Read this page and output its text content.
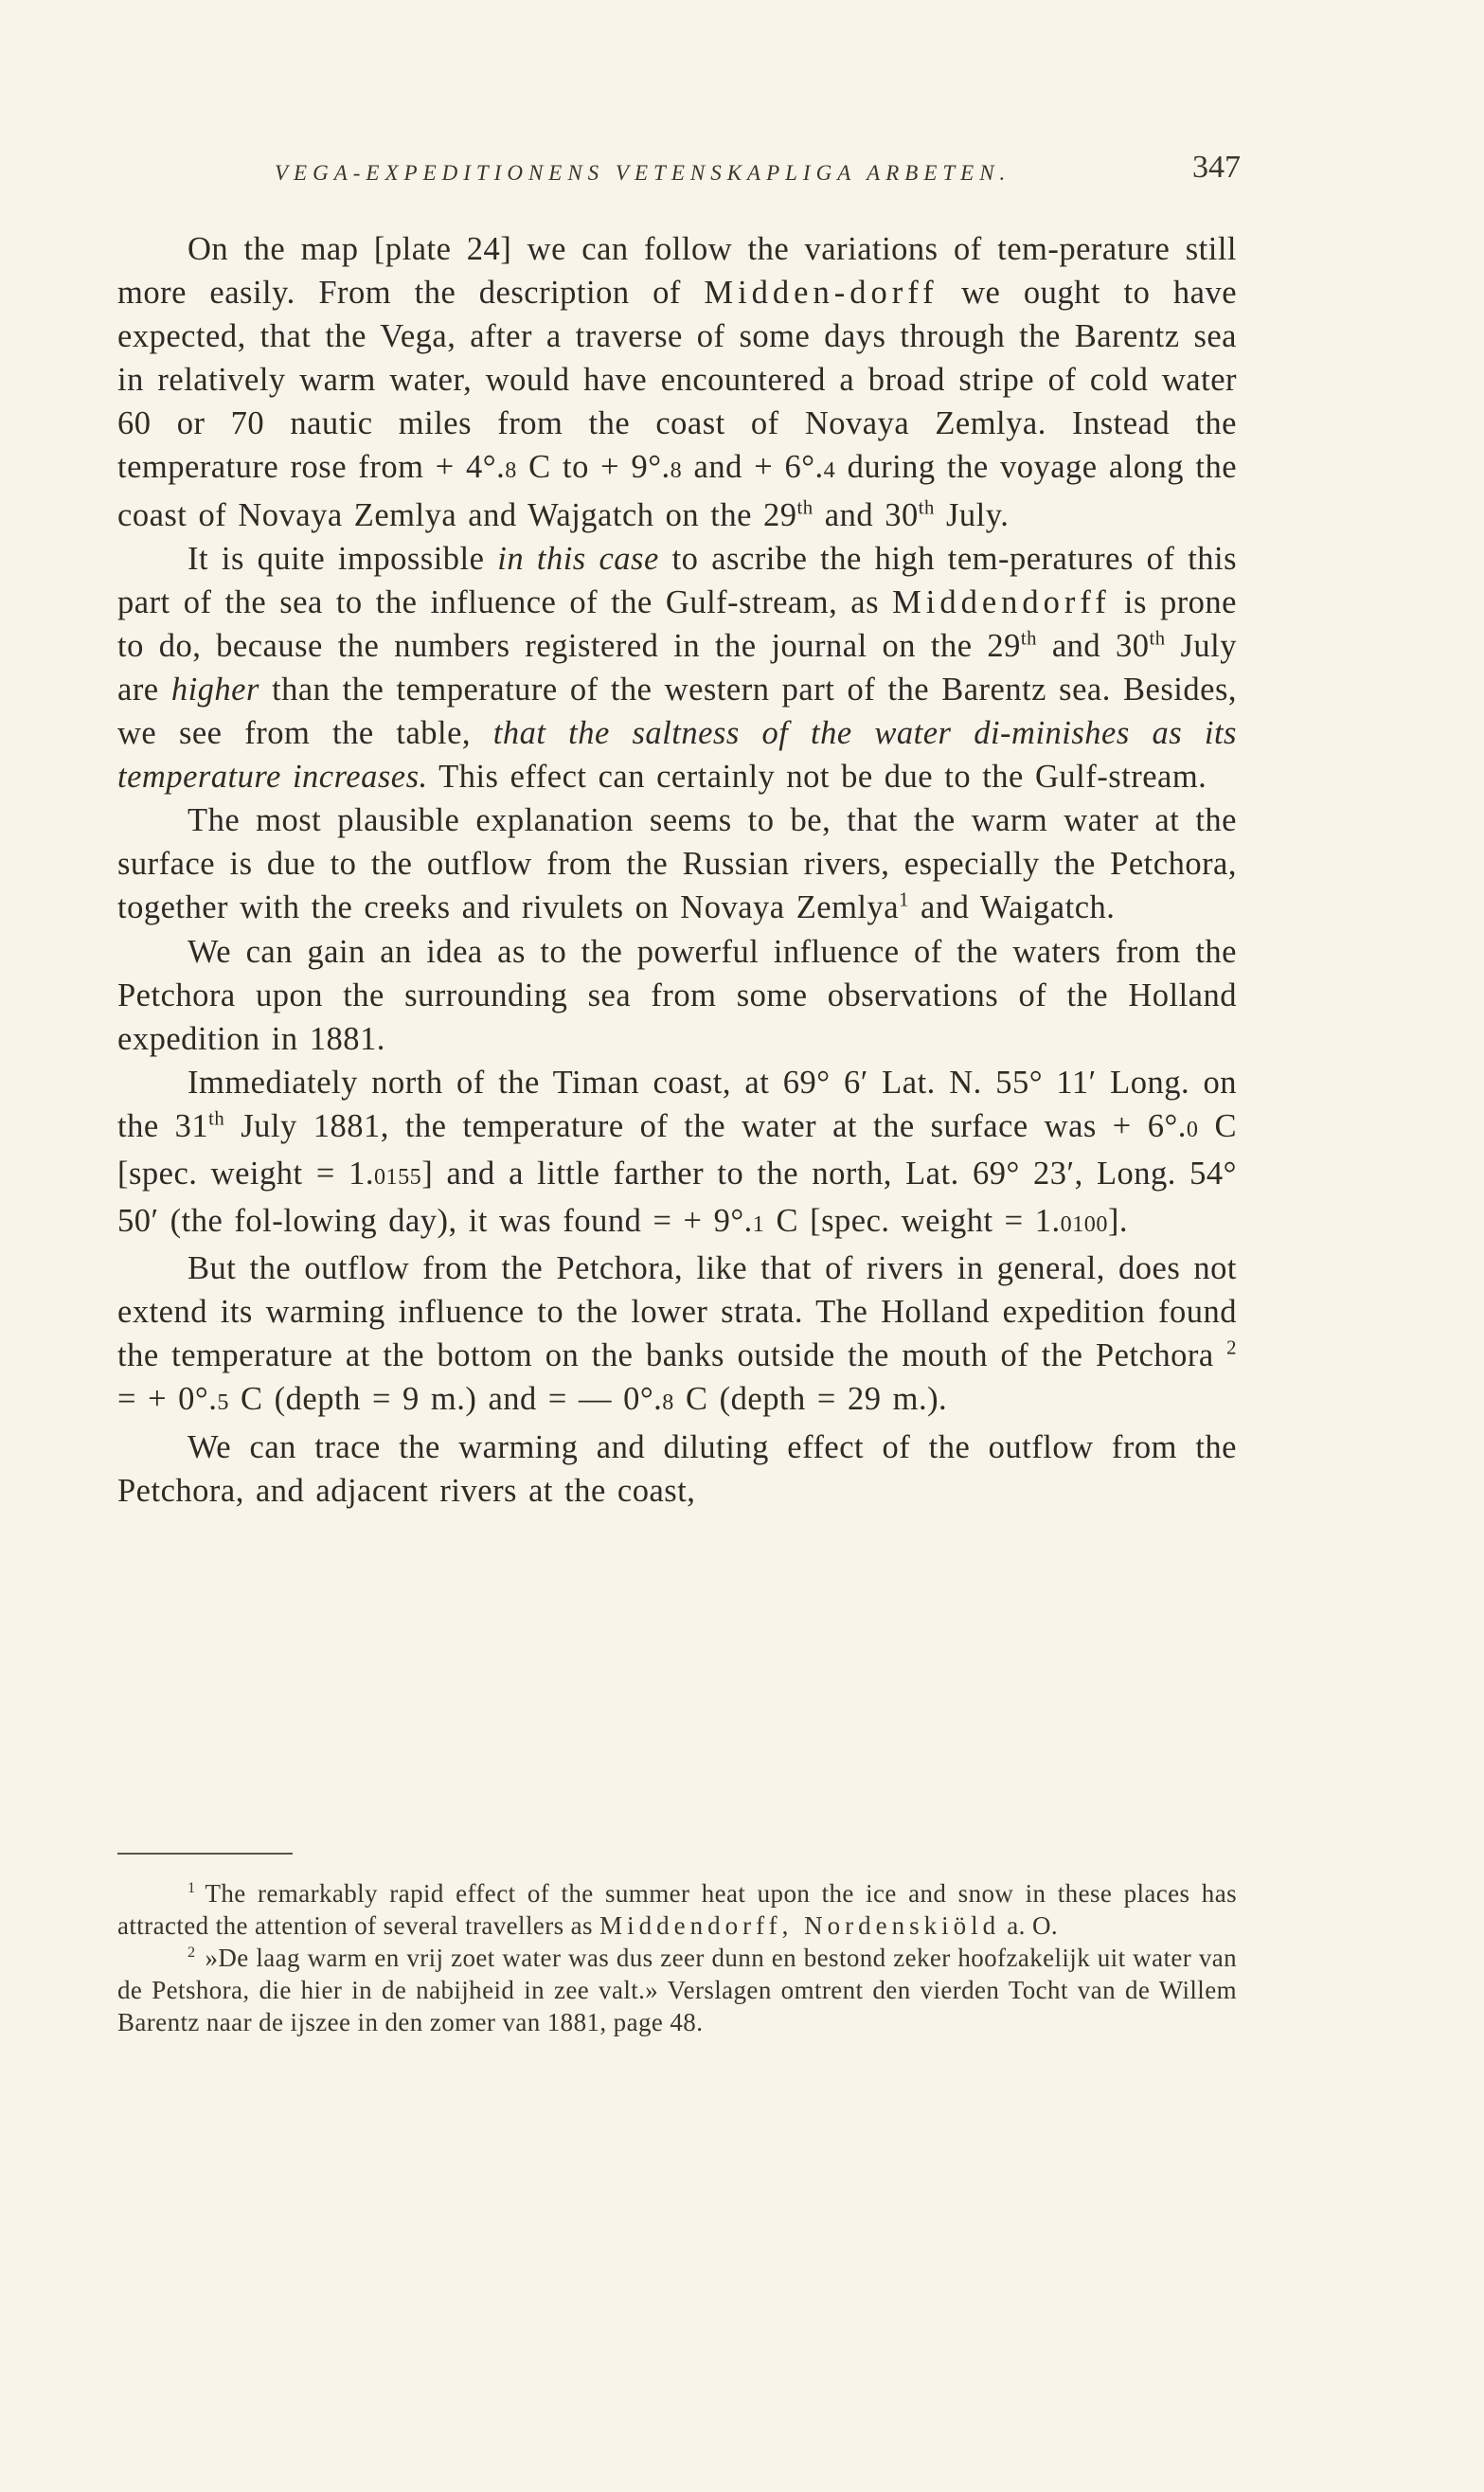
VEGA-EXPEDITIONENS VETENSKAPLIGA ARBETEN.	347

On the map [plate 24] we can follow the variations of tem-perature still more easily. From the description of Midden-dorff we ought to have expected, that the Vega, after a traverse of some days through the Barentz sea in relatively warm water, would have encountered a broad stripe of cold water 60 or 70 nautic miles from the coast of Novaya Zemlya. Instead the temperature rose from + 4°.8 C to + 9°.8 and + 6°.4 during the voyage along the coast of Novaya Zemlya and Wajgatch on the 29th and 30th July.

It is quite impossible in this case to ascribe the high tem-peratures of this part of the sea to the influence of the Gulf-stream, as Middendorff is prone to do, because the numbers registered in the journal on the 29th and 30th July are higher than the temperature of the western part of the Barentz sea. Besides, we see from the table, that the saltness of the water di-minishes as its temperature increases. This effect can certainly not be due to the Gulf-stream.

The most plausible explanation seems to be, that the warm water at the surface is due to the outflow from the Russian rivers, especially the Petchora, together with the creeks and rivulets on Novaya Zemlya$^1$ and Waigatch.

We can gain an idea as to the powerful influence of the waters from the Petchora upon the surrounding sea from some observations of the Holland expedition in 1881.

Immediately north of the Timan coast, at 69° 6′ Lat. N. 55° 11′ Long. on the 31th July 1881, the temperature of the water at the surface was + 6°.0 C [spec. weight = 1.0155] and a little farther to the north, Lat. 69° 23′, Long. 54° 50′ (the fol-lowing day), it was found = + 9°.1 C [spec. weight = 1.0100].

But the outflow from the Petchora, like that of rivers in general, does not extend its warming influence to the lower strata. The Holland expedition found the temperature at the bottom on the banks outside the mouth of the Petchora $^2$ = + 0°.5 C (depth = 9 m.) and = — 0°.8 C (depth = 29 m.).

We can trace the warming and diluting effect of the outflow from the Petchora, and adjacent rivers at the coast,

$^1$ The remarkably rapid effect of the summer heat upon the ice and snow in these places has attracted the attention of several travellers as Middendorff, Nordenskiöld a. O.

$^2$ »De laag warm en vrij zoet water was dus zeer dunn en bestond zeker hoofzakelijk uit water van de Petshora, die hier in de nabijheid in zee valt.» Verslagen omtrent den vierden Tocht van de Willem Barentz naar de ijszee in den zomer van 1881, page 48.
